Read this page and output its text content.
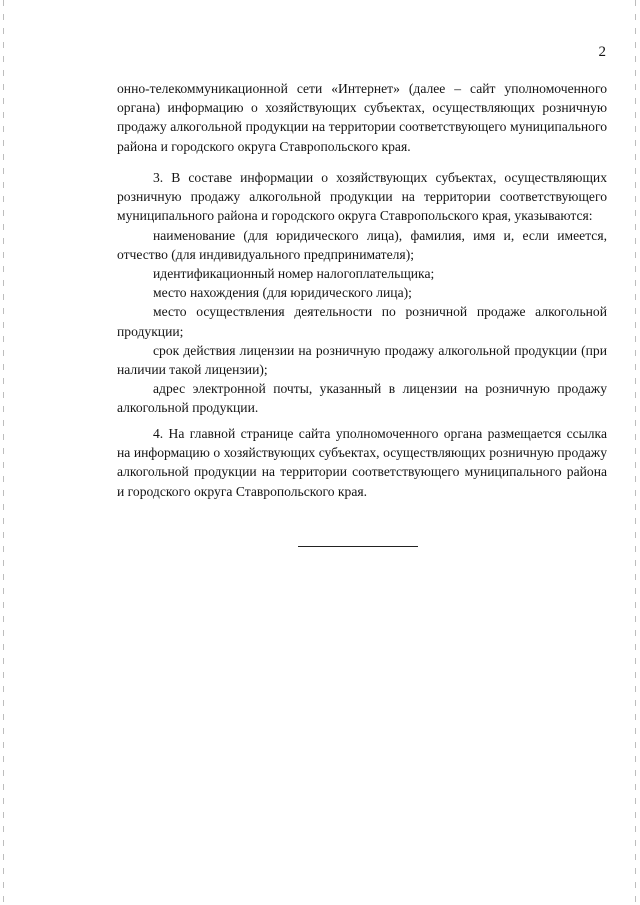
2

онно-телекоммуникационной сети «Интернет» (далее – сайт уполномоченного органа) информацию о хозяйствующих субъектах, осуществляющих розничную продажу алкогольной продукции на территории соответствующего муниципального района и городского округа Ставропольского края.

3. В составе информации о хозяйствующих субъектах, осуществляющих розничную продажу алкогольной продукции на территории соответствующего муниципального района и городского округа Ставропольского края, указываются:

наименование (для юридического лица), фамилия, имя и, если имеется, отчество (для индивидуального предпринимателя);

идентификационный номер налогоплательщика;

место нахождения (для юридического лица);

место осуществления деятельности по розничной продаже алкогольной продукции;

срок действия лицензии на розничную продажу алкогольной продукции (при наличии такой лицензии);

адрес электронной почты, указанный в лицензии на розничную продажу алкогольной продукции.

4. На главной странице сайта уполномоченного органа размещается ссылка на информацию о хозяйствующих субъектах, осуществляющих розничную продажу алкогольной продукции на территории соответствующего муниципального района и городского округа Ставропольского края.
